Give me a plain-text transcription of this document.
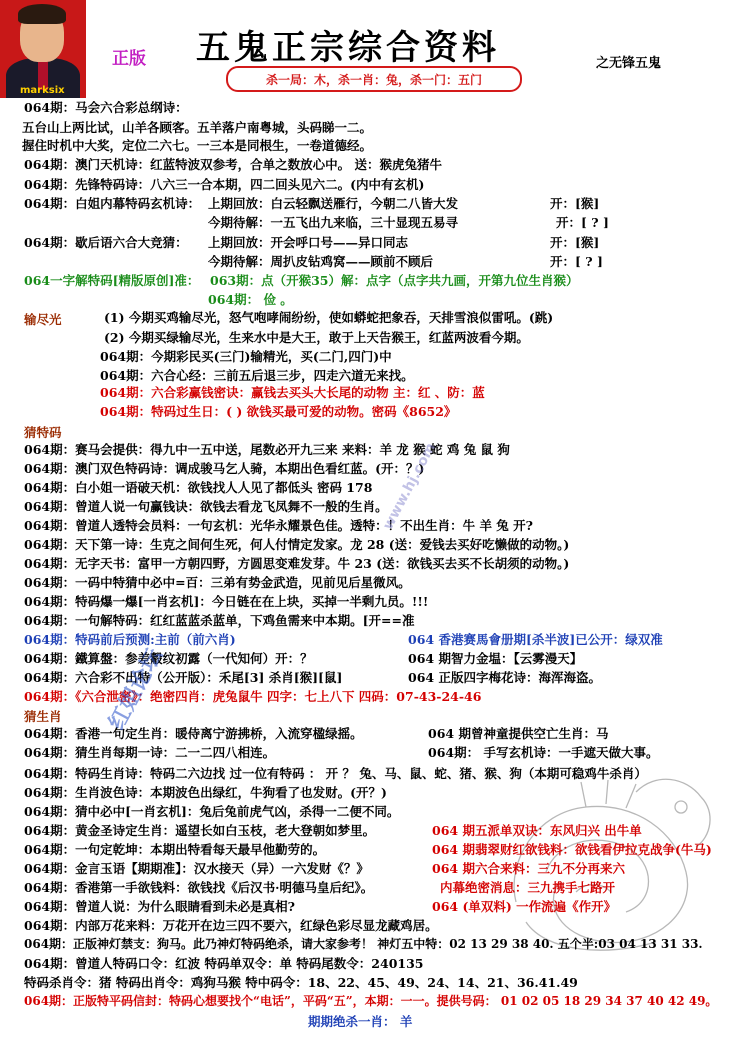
marksix
正版 五鬼正宗综合资料	之无锋五鬼
杀一局：木，杀一肖：兔，杀一门：五门
064期：马会六合彩总纲诗：
五台山上两比试，山羊各顾客。五羊落户南粤城，头码睇一二。
握住时机中大奖，定位二六七。一三本是同根生，一卷道德经。
064期：澳门天机诗：红蓝特波双参考，合单之数放心中。 送：猴虎兔猪牛
064期：先锋特码诗：八六三一合本期，四二回头见六二。(内中有玄机)
064期：白姐内幕特码玄机诗： 上期回放：白云轻飘送雁行，今朝二八皆大发	开：[猴]
今期待解：一五飞出九来临，三十显现五易寻	开：[ ? ]
064期：歇后语六合大竞猜： 上期回放：开会呼口号——异口同志	开：[猴]
今期待解：周扒皮钻鸡窝——顾前不顾后	开：[ ? ]
064一字解特码[精版原创]准： 063期：点（开猴35）解：点字（点字共九画，开第九位生肖猴）
064期： 俭 。
输尽光	(1) 今期买鸡输尽光，怒气咆哮闹纷纷，使如蟒蛇把象吞，天排雪浪似雷吼。(跳)
(2) 今期买绿输尽光，生来水中是大王，敢于上天告猴王，红蓝两波看今期。
064期：今期彩民买(三门)输精光，买(二门,四门)中
064期：六合心经：三前五后退三步，四走六道无来找。
064期：六合彩赢钱密诀：赢钱去买头大长尾的动物 主：红 、防：蓝
064期：特码过生日：( ) 欲钱买最可爱的动物。密码《8652》
猜特码
064期：赛马会提供：得九中一五中送，尾数必开九三来 来料：羊 龙 猴 蛇 鸡 兔 鼠 狗
064期：澳门双色特码诗：调成骏马乞人骑，本期出色看红蓝。(开：？)
064期：白小姐一语破天机：欲钱找人人见了都低头 密码 178
064期：曾道人说一句赢钱诀：欲钱去看龙飞凤舞不一般的生肖。
064期：曾道人透特会员料：一句玄机：光华永耀景色佳。透特：！不出生肖：牛 羊 兔 开?
064期：天下第一诗：生克之间何生死，何人付情定发家。龙 28 (送：爱钱去买好吃懒做的动物。)
064期：无字天书：富甲一方朝四野，方圆思变难发芽。牛 23 (送：欲钱买去买不长胡须的动物。)
064期：一码中特猜中必中=百：三弟有势金武造，见前见后星微风。
064期：特码爆一爆[一肖玄机]：今日链在在上块，买掉一半剩九员。!!!
064期：一句解特码：红红蓝蓝杀蓝单，下鸡鱼需来中本期。[开==准
064期：特码前后预测:主前（前六肖)	064 香港赛馬會册期[杀半波]已公开：绿双准
064期：鐵算盤：参差觳纹初露（一代知何）开：？	064 期智力金塭：【云雾漫天】
064期：六合彩不出特（公开版）：禾尾[3] 杀肖[猴][鼠]	064 正版四字梅花诗：海浑海盗。
064期：《六合泄密》：绝密四肖：虎兔鼠牛 四字：七上八下 四码：07-43-24-46
猜生肖
064期：香港一句定生肖：暖侍离宁游拂桥，入流穿楹绿摇。	064 期曾神童提供空亡生肖：马
064期：猜生肖每期一诗：二一二四八相连。	064期： 手写玄机诗：一手遮天做大事。
064期：特码生肖诗：特码二六边找 过一位有特码 ： 开 ？ 兔、马、鼠、蛇、猪、猴、狗（本期可稳鸡牛杀肖）
064期：生肖波色诗：本期波色出绿红，牛狗看了也发财。(开？)
064期：猜中必中[一肖玄机]：兔后兔前虎气凶，杀得一二便不同。
064期：黄金圣诗定生肖：遥望长如白玉枝，老大登朝如梦里。	064 期五派单双诀：东风归兴 出牛单
064期：一句定乾坤：本期出特看每天最早他勤劳的。	064 期翡翠财红欲钱料：欲钱看伊拉克战争(牛马)
064期：金言玉语【期期准】：汉水接天（异）一六发财《？》	064 期六合来料：三九不分再来六
064期：香港第一手欲钱料：欲钱找《后汉书·明德马皇后纪》。	内幕绝密消息：三九携手七路开
064期：曾道人说：为什么眼睛看到未必是真相?	064 (单双料) 一作流遍《作开》
064期：内部万花来料：万花开在边三四不要六，红绿色彩尽显龙藏鸡居。
064期：正版神灯禁支：狗马。此乃神灯特码绝杀，请大家参考！ 神灯五中特：02 13 29 38 40. 五个半:03 04 13 31 33.
064期：曾道人特码口令：红波 特码单双令：单 特码尾数令：240135
特码杀肖令：猪 特码出肖令：鸡狗马猴 特中码令：18、22、45、49、24、14、21、36.41.49
064期：正版特平码信封：特码心想要找个“电话”，平码“五”，本期：一一。提供号码： 01 02 05 18 29 34 37 40 42 49。
期期绝杀一肖： 羊
红姐论坛
www.hj.com
